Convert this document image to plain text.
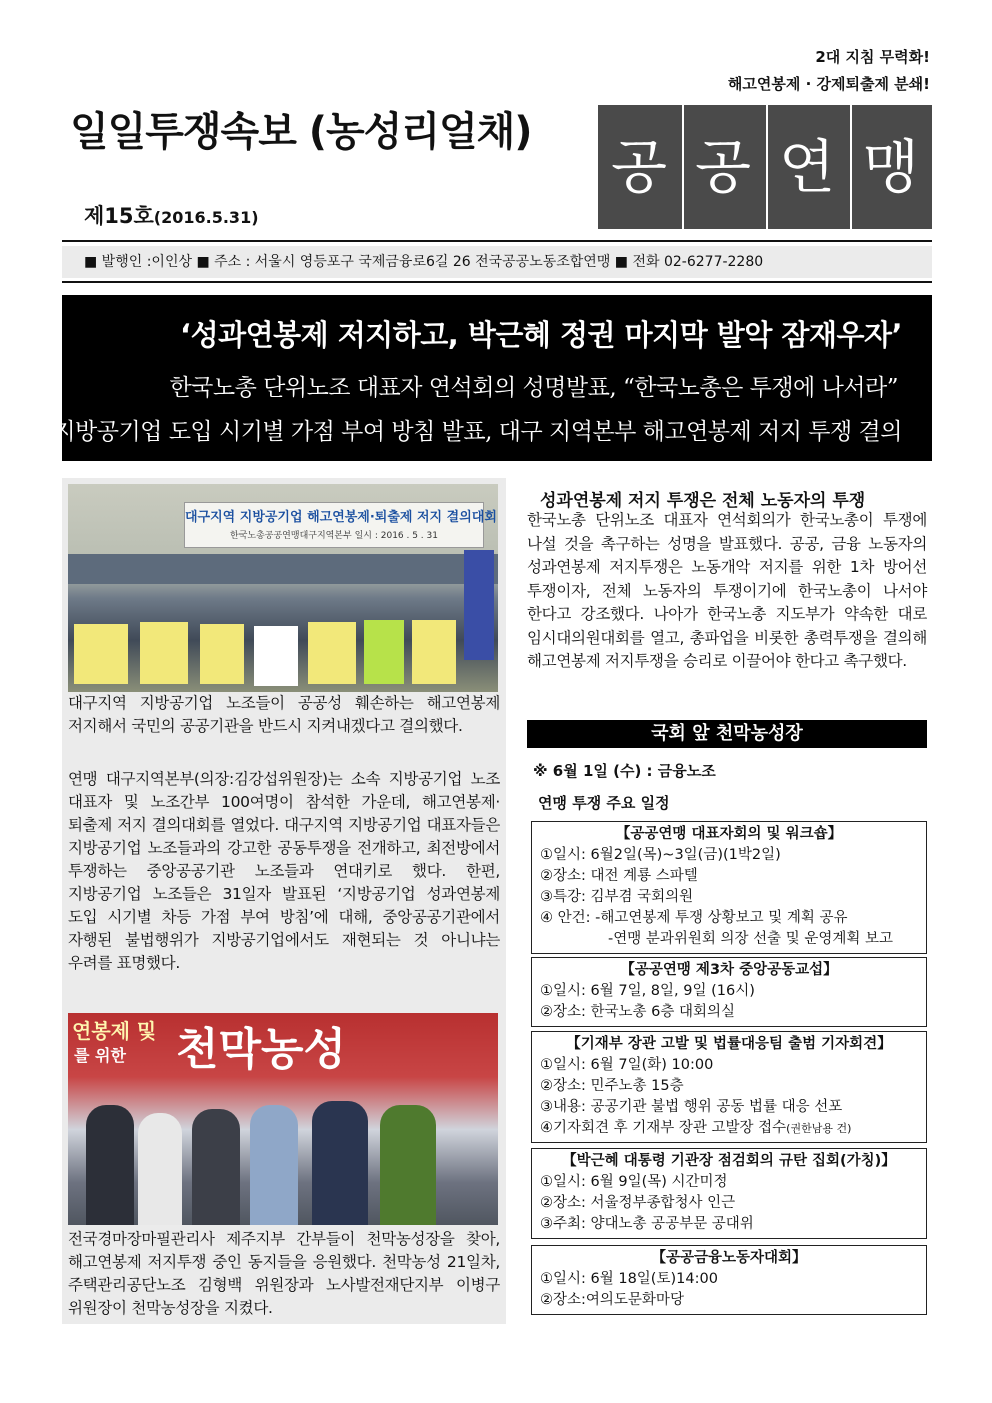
2대 지침 무력화!
해고연봉제 · 강제퇴출제 분쇄!
일일투쟁속보 (농성리얼채)
제15호(2016.5.31)
공 공 연 맹
■ 발행인 :이인상 ■ 주소 : 서울시 영등포구 국제금융로6길 26 전국공공노동조합연맹 ■ 전화 02-6277-2280
‘성과연봉제 저지하고, 박근혜 정권 마지막 발악 잠재우자’
한국노총 단위노조 대표자 연석회의 성명발표, “한국노총은 투쟁에 나서라”
지방공기업 도입 시기별 가점 부여 방침 발표, 대구 지역본부 해고연봉제 저지 투쟁 결의
대구지역 지방공기업 해고연봉제·퇴출제 저지 결의대회
한국노총공공연맹대구지역본부 일시 : 2016 . 5 . 31
대구지역 지방공기업 노조들이 공공성 훼손하는 해고연봉제 저지해서 국민의 공공기관을 반드시 지켜내겠다고 결의했다.
연맹 대구지역본부(의장:김강섭위원장)는 소속 지방공기업 노조 대표자 및 노조간부 100여명이 참석한 가운데, 해고연봉제·퇴출제 저지 결의대회를 열었다. 대구지역 지방공기업 대표자들은 지방공기업 노조들과의 강고한 공동투쟁을 전개하고, 최전방에서 투쟁하는 중앙공공기관 노조들과 연대키로 했다. 한편, 지방공기업 노조들은 31일자 발표된 ‘지방공기업 성과연봉제 도입 시기별 차등 가점 부여 방침’에 대해, 중앙공공기관에서 자행된 불법행위가 지방공기업에서도 재현되는 것 아니냐는 우려를 표명했다.
천막농성
연봉제 및
를 위한
전국경마장마필관리사 제주지부 간부들이 천막농성장을 찾아, 해고연봉제 저지투쟁 중인 동지들을 응원했다. 천막농성 21일차, 주택관리공단노조 김형백 위원장과 노사발전재단지부 이병구 위원장이 천막농성장을 지켰다.
성과연봉제 저지 투쟁은 전체 노동자의 투쟁
한국노총 단위노조 대표자 연석회의가 한국노총이 투쟁에 나설 것을 촉구하는 성명을 발표했다. 공공, 금융 노동자의 성과연봉제 저지투쟁은 노동개악 저지를 위한 1차 방어선 투쟁이자, 전체 노동자의 투쟁이기에 한국노총이 나서야 한다고 강조했다. 나아가 한국노총 지도부가 약속한 대로 임시대의원대회를 열고, 총파업을 비롯한 총력투쟁을 결의해 해고연봉제 저지투쟁을 승리로 이끌어야 한다고 촉구했다.
국회 앞 천막농성장
※ 6월 1일 (수) : 금융노조
연맹 투쟁 주요 일정
【공공연맹 대표자회의 및 워크숍】
①일시: 6월2일(목)~3일(금)(1박2일)
②장소: 대전 계룡 스파텔
③특강: 김부겸 국회의원
④ 안건: -해고연봉제 투쟁 상황보고 및 계획 공유
-연맹 분과위원회 의장 선출 및 운영계획 보고
【공공연맹 제3차 중앙공동교섭】
①일시: 6월 7일, 8일, 9일 (16시)
②장소: 한국노총 6층 대회의실
【기재부 장관 고발 및 법률대응팀 출범 기자회견】
①일시: 6월 7일(화) 10:00
②장소: 민주노총 15층
③내용: 공공기관 불법 행위 공동 법률 대응 선포
④기자회견 후 기재부 장관 고발장 접수(권한남용 건)
【박근혜 대통령 기관장 점검회의 규탄 집회(가칭)】
①일시: 6월 9일(목) 시간미정
②장소: 서울정부종합청사 인근
③주최: 양대노총 공공부문 공대위
【공공금융노동자대회】
①일시: 6월 18일(토)14:00
②장소:여의도문화마당
